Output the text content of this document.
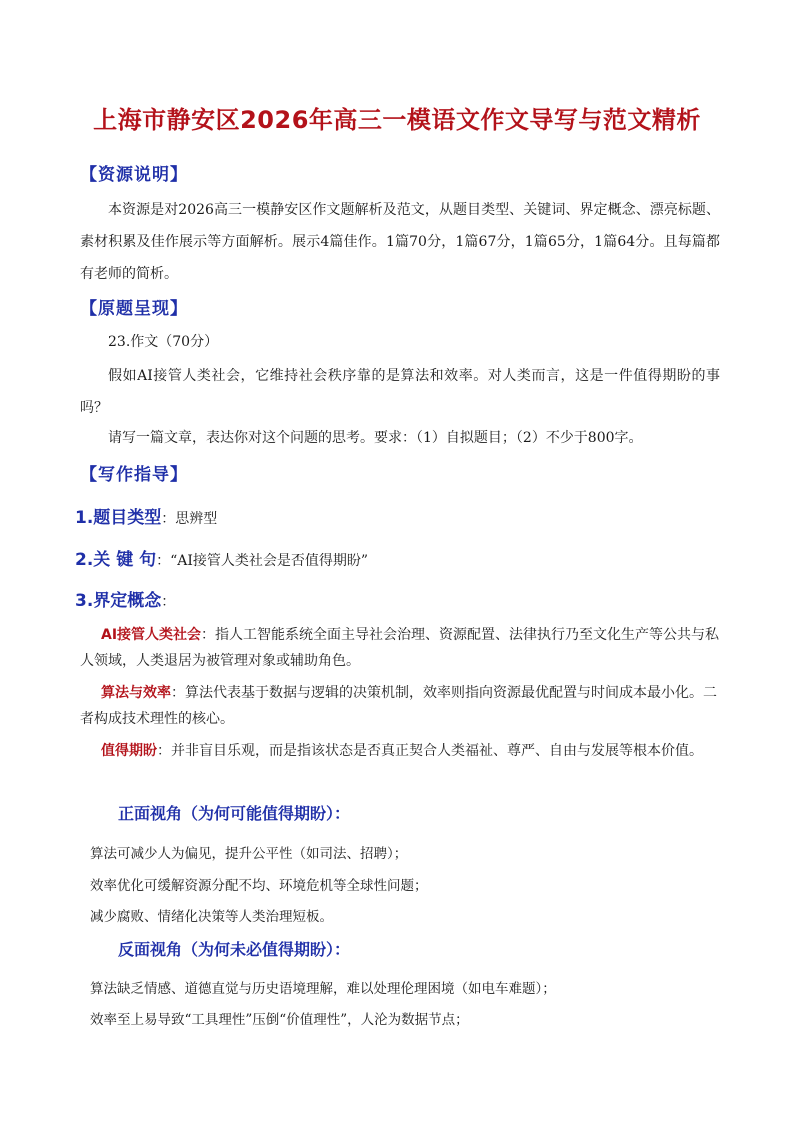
上海市静安区2026年高三一模语文作文导写与范文精析
【资源说明】
本资源是对2026高三一模静安区作文题解析及范文，从题目类型、关键词、界定概念、漂亮标题、素材积累及佳作展示等方面解析。展示4篇佳作。1篇70分，1篇67分，1篇65分，1篇64分。且每篇都有老师的简析。
【原题呈现】
23.作文（70分）
假如AI接管人类社会，它维持社会秩序靠的是算法和效率。对人类而言，这是一件值得期盼的事吗？
请写一篇文章，表达你对这个问题的思考。要求：（1）自拟题目；（2）不少于800字。
【写作指导】
1.题目类型：思辨型
2.关 键 句：“AI接管人类社会是否值得期盼”
3.界定概念：
AI接管人类社会：指人工智能系统全面主导社会治理、资源配置、法律执行乃至文化生产等公共与私人领域，人类退居为被管理对象或辅助角色。
算法与效率：算法代表基于数据与逻辑的决策机制，效率则指向资源最优配置与时间成本最小化。二者构成技术理性的核心。
值得期盼：并非盲目乐观，而是指该状态是否真正契合人类福祉、尊严、自由与发展等根本价值。
正面视角（为何可能值得期盼）：
算法可减少人为偏见，提升公平性（如司法、招聘）；
效率优化可缓解资源分配不均、环境危机等全球性问题；
减少腐败、情绪化决策等人类治理短板。
反面视角（为何未必值得期盼）：
算法缺乏情感、道德直觉与历史语境理解，难以处理伦理困境（如电车难题）；
效率至上易导致“工具理性”压倒“价值理性”，人沦为数据节点；
